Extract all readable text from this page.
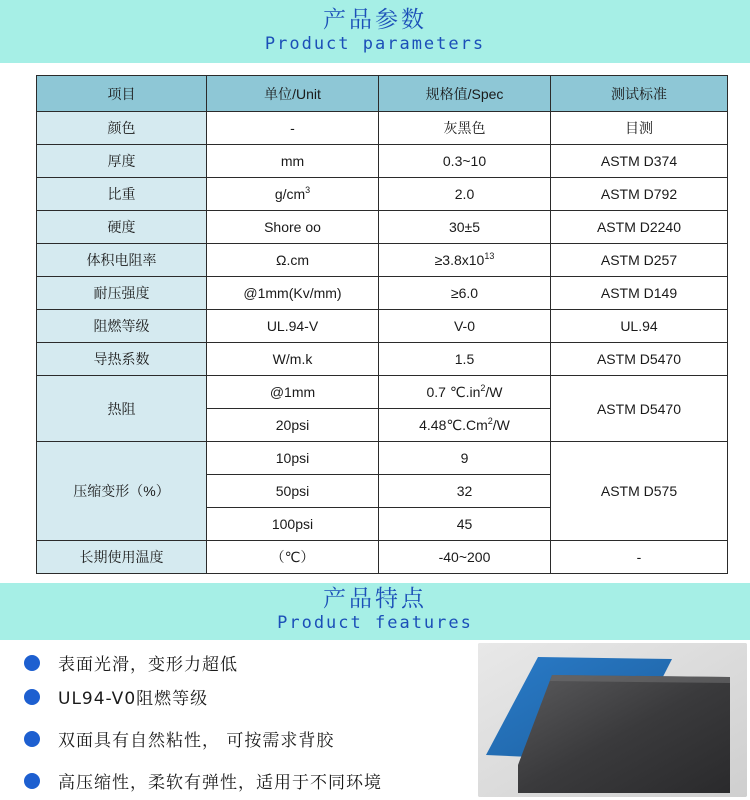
产品参数
Product parameters
项目	单位/Unit	规格值/Spec	测试标准
颜色	-	灰黑色	目测
厚度	mm	0.3~10	ASTM D374
比重	$g/cm^3$	2.0	ASTM D792
硬度	Shore oo	30±5	ASTM D2240
体积电阻率	Ω.cm	$\ge 3.8x10^{13}$	ASTM D257
耐压强度	@1mm(Kv/mm)	≥6.0	ASTM D149
阻燃等级	UL.94-V	V-0	UL.94
导热系数	W/m.k	1.5	ASTM D5470
热阻	@1mm	0.7 $℃.in^2/W$	ASTM D5470
	20psi	4.48℃.Cm$^2$/W	
压缩变形（%）	10psi	9	ASTM D575
	50psi	32	
	100psi	45	
长期使用温度	（℃）	-40~200	-
产品特点
Product features
表面光滑，变形力超低
UL94-V0阻燃等级
双面具有自然粘性， 可按需求背胶
高压缩性，柔软有弹性，适用于不同环境
